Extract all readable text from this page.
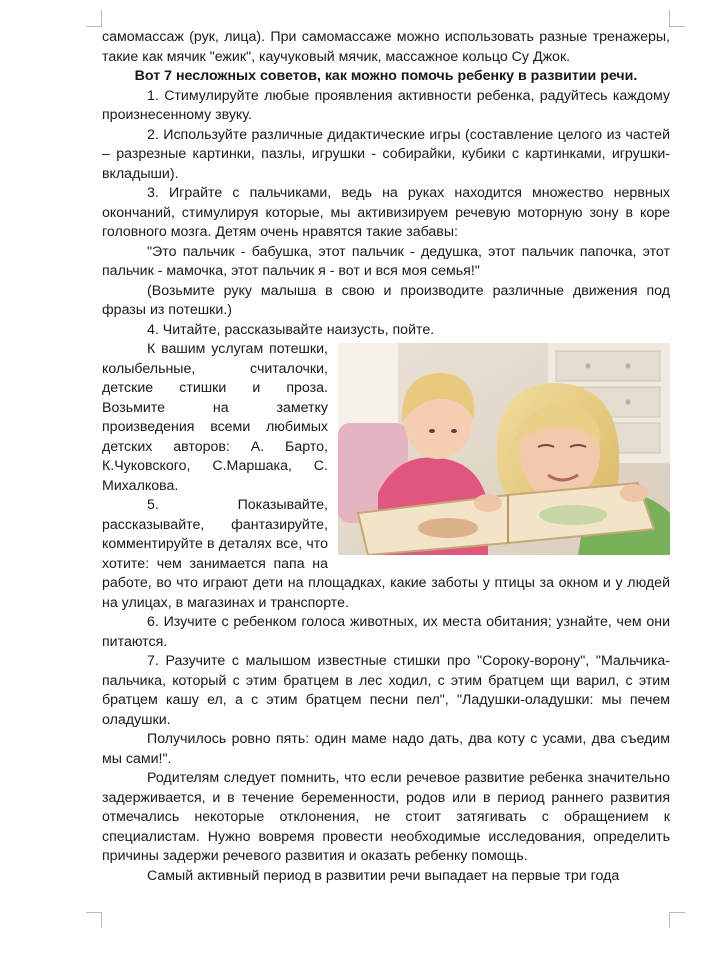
самомассаж (рук, лица). При самомассаже можно использовать разные тренажеры, такие как мячик "ежик", каучуковый мячик, массажное кольцо Су Джок.

Вот 7 несложных советов, как можно помочь ребенку в развитии речи.

1. Стимулируйте любые проявления активности ребенка, радуйтесь каждому произнесенному звуку.

2. Используйте различные дидактические игры (составление целого из частей – разрезные картинки, пазлы, игрушки - собирайки, кубики с картинками, игрушки-вкладыши).

3. Играйте с пальчиками, ведь на руках находится множество нервных окончаний, стимулируя которые, мы активизируем речевую моторную зону в коре головного мозга. Детям очень нравятся такие забавы:

"Это пальчик - бабушка, этот пальчик - дедушка, этот пальчик папочка, этот пальчик - мамочка, этот пальчик я - вот и вся моя семья!"

(Возьмите руку малыша в свою и производите различные движения под фразы из потешки.)

4. Читайте, рассказывайте наизусть, пойте.

К вашим услугам потешки, колыбельные, считалочки, детские стишки и проза. Возьмите на заметку произведения всеми любимых детских авторов: А. Барто, К.Чуковского, С.Маршака, С. Михалкова.

5. Показывайте, рассказывайте, фантазируйте, комментируйте в деталях все, что хотите: чем занимается папа на работе, во что играют дети на площадках, какие заботы у птицы за окном и у людей на улицах, в магазинах и транспорте.

6. Изучите с ребенком голоса животных, их места обитания; узнайте, чем они питаются.

7. Разучите с малышом известные стишки про "Сороку-ворону", "Мальчика-пальчика, который с этим братцем в лес ходил, с этим братцем щи варил, с этим братцем кашу ел, а с этим братцем песни пел", "Ладушки-оладушки: мы печем оладушки.

Получилось ровно пять: один маме надо дать, два коту с усами, два съедим мы сами!".

Родителям следует помнить, что если речевое развитие ребенка значительно задерживается, и в течение беременности, родов или в период раннего развития отмечались некоторые отклонения, не стоит затягивать с обращением к специалистам. Нужно вовремя провести необходимые исследования, определить причины задержи речевого развития и оказать ребенку помощь.

Самый активный период в развитии речи выпадает на первые три года
